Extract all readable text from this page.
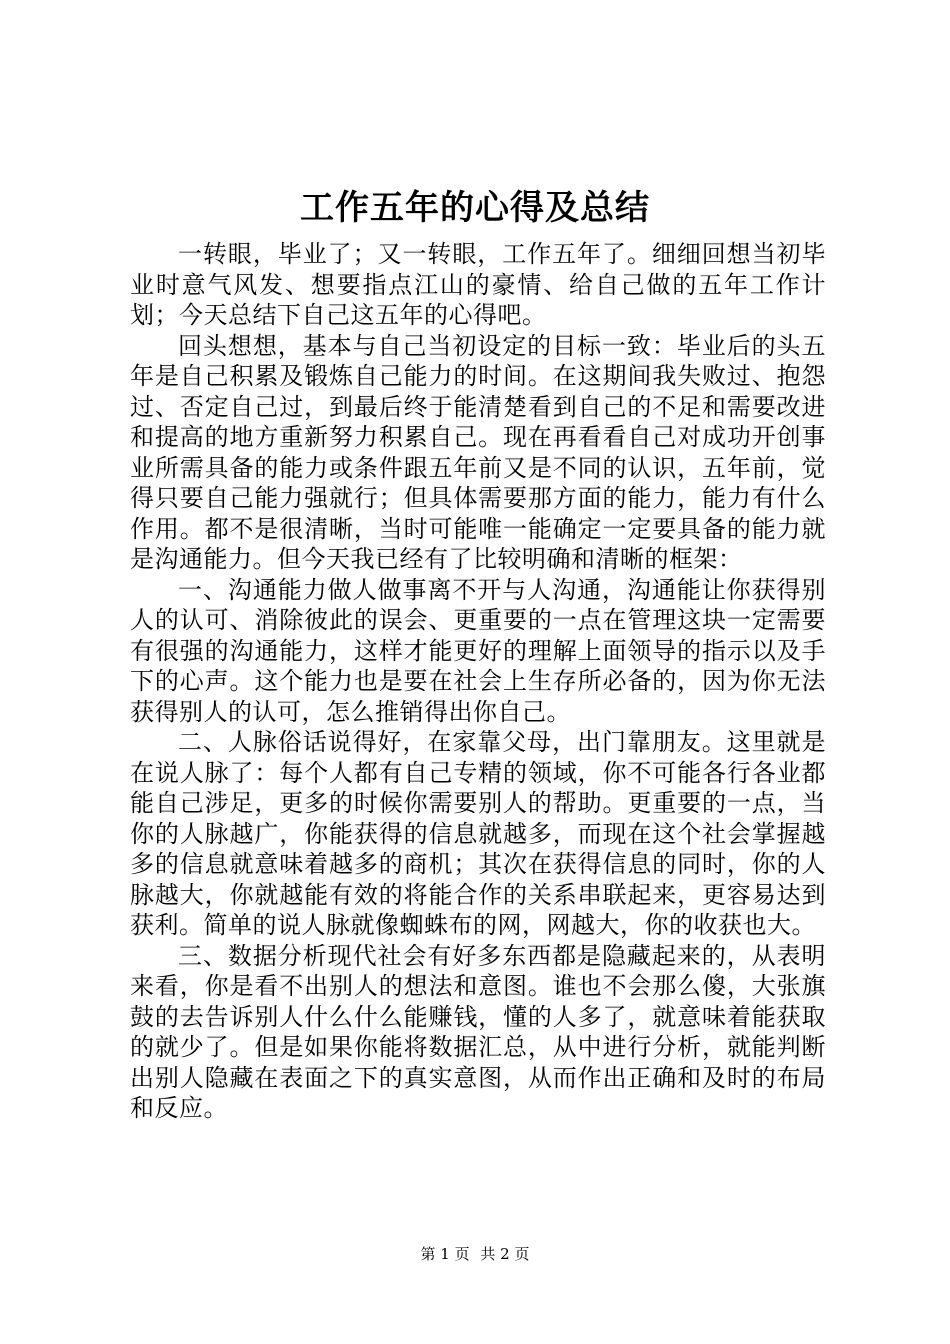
工作五年的心得及总结

一转眼，毕业了；又一转眼，工作五年了。细细回想当初毕业时意气风发、想要指点江山的豪情、给自己做的五年工作计划；今天总结下自己这五年的心得吧。

回头想想，基本与自己当初设定的目标一致：毕业后的头五年是自己积累及锻炼自己能力的时间。在这期间我失败过、抱怨过、否定自己过，到最后终于能清楚看到自己的不足和需要改进和提高的地方重新努力积累自己。现在再看看自己对成功开创事业所需具备的能力或条件跟五年前又是不同的认识，五年前，觉得只要自己能力强就行；但具体需要那方面的能力，能力有什么作用。都不是很清晰，当时可能唯一能确定一定要具备的能力就是沟通能力。但今天我已经有了比较明确和清晰的框架：

一、沟通能力做人做事离不开与人沟通，沟通能让你获得别人的认可、消除彼此的误会、更重要的一点在管理这块一定需要有很强的沟通能力，这样才能更好的理解上面领导的指示以及手下的心声。这个能力也是要在社会上生存所必备的，因为你无法获得别人的认可，怎么推销得出你自己。

二、人脉俗话说得好，在家靠父母，出门靠朋友。这里就是在说人脉了：每个人都有自己专精的领域，你不可能各行各业都能自己涉足，更多的时候你需要别人的帮助。更重要的一点，当你的人脉越广，你能获得的信息就越多，而现在这个社会掌握越多的信息就意味着越多的商机；其次在获得信息的同时，你的人脉越大，你就越能有效的将能合作的关系串联起来，更容易达到获利。简单的说人脉就像蜘蛛布的网，网越大，你的收获也大。

三、数据分析现代社会有好多东西都是隐藏起来的，从表明来看，你是看不出别人的想法和意图。谁也不会那么傻，大张旗鼓的去告诉别人什么什么能赚钱，懂的人多了，就意味着能获取的就少了。但是如果你能将数据汇总，从中进行分析，就能判断出别人隐藏在表面之下的真实意图，从而作出正确和及时的布局和反应。

第 1 页 共 2 页
